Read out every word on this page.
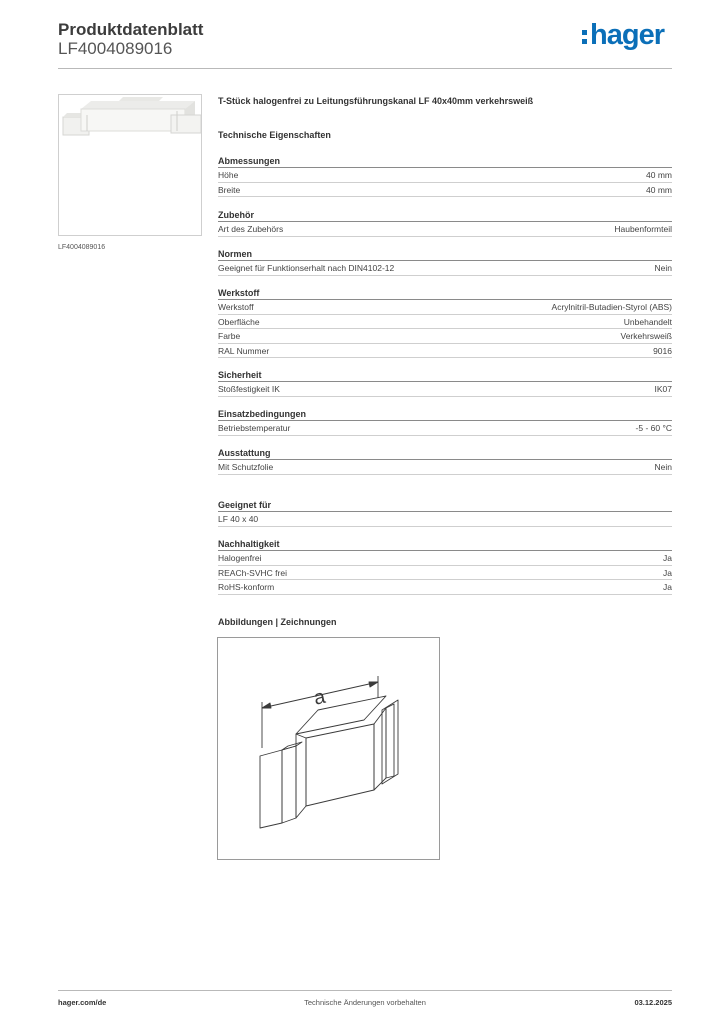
Produktdatenblatt
LF4004089016	hager
LF4004089016
T-Stück halogenfrei zu Leitungsführungskanal LF 40x40mm verkehrsweiß
Technische Eigenschaften
Abmessungen
Höhe	40 mm
Breite	40 mm
Zubehör
Art des Zubehörs	Haubenformteil
Normen
Geeignet für Funktionserhalt nach DIN4102-12	Nein
Werkstoff
Werkstoff	Acrylnitril-Butadien-Styrol (ABS)
Oberfläche	Unbehandelt
Farbe	Verkehrsweiß
RAL Nummer	9016
Sicherheit
Stoßfestigkeit IK	IK07
Einsatzbedingungen
Betriebstemperatur	-5 - 60 °C
Ausstattung
Mit Schutzfolie	Nein
Geeignet für
LF 40 x 40
Nachhaltigkeit
Halogenfrei	Ja
REACh-SVHC frei	Ja
RoHS-konform	Ja
Abbildungen | Zeichnungen
a
hager.com/de	Technische Änderungen vorbehalten	03.12.2025
